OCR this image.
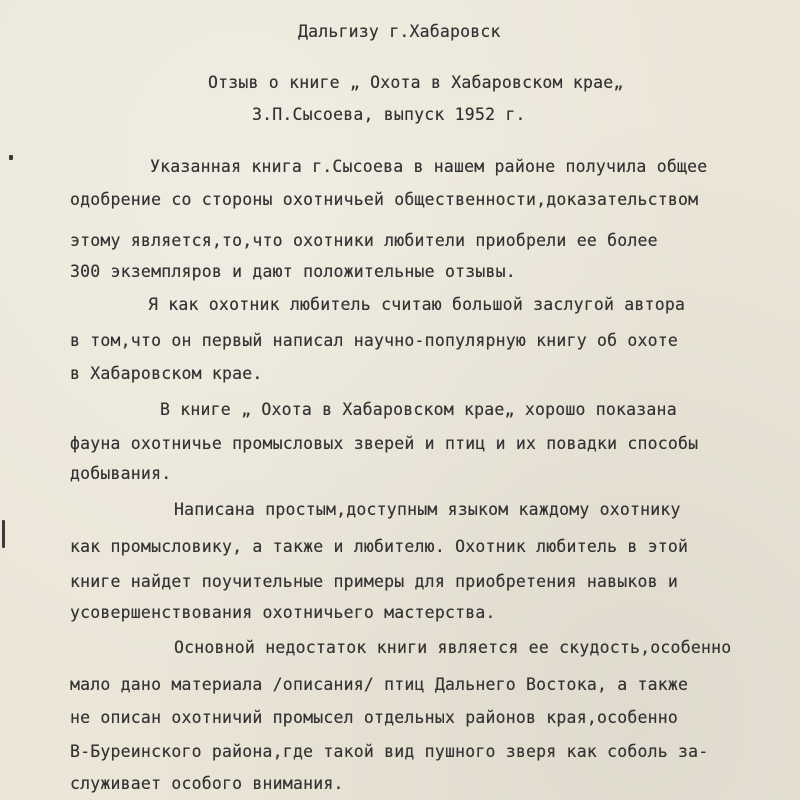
Дальгизу г.Хабаровск
Отзыв о книге „ Охота в Хабаровском крае„
З.П.Сысоева, выпуск 1952 г.
Указанная книга г.Сысоева в нашем районе получила общее
одобрение со стороны охотничьей общественности,доказательством
этому является,то,что охотники любители приобрели ее более
300 экземпляров и дают положительные отзывы.
Я как охотник любитель считаю большой заслугой автора
в том,что он первый написал научно-популярную книгу об охоте
в Хабаровском крае.
В книге „ Охота в Хабаровском крае„ хорошо показана
фауна охотничье промысловых зверей и птиц и их повадки способы
добывания.
Написана простым,доступным языком каждому охотнику
как промысловику, а также и любителю. Охотник любитель в этой
книге найдет поучительные примеры для приобретения навыков и
усовершенствования охотничьего мастерства.
Основной недостаток книги является ее скудость,особенно
мало дано материала /описания/ птиц Дальнего Востока, а также
не описан охотничий промысел отдельных районов края,особенно
В-Буреинского района,где такой вид пушного зверя как соболь за-
служивает особого внимания.
